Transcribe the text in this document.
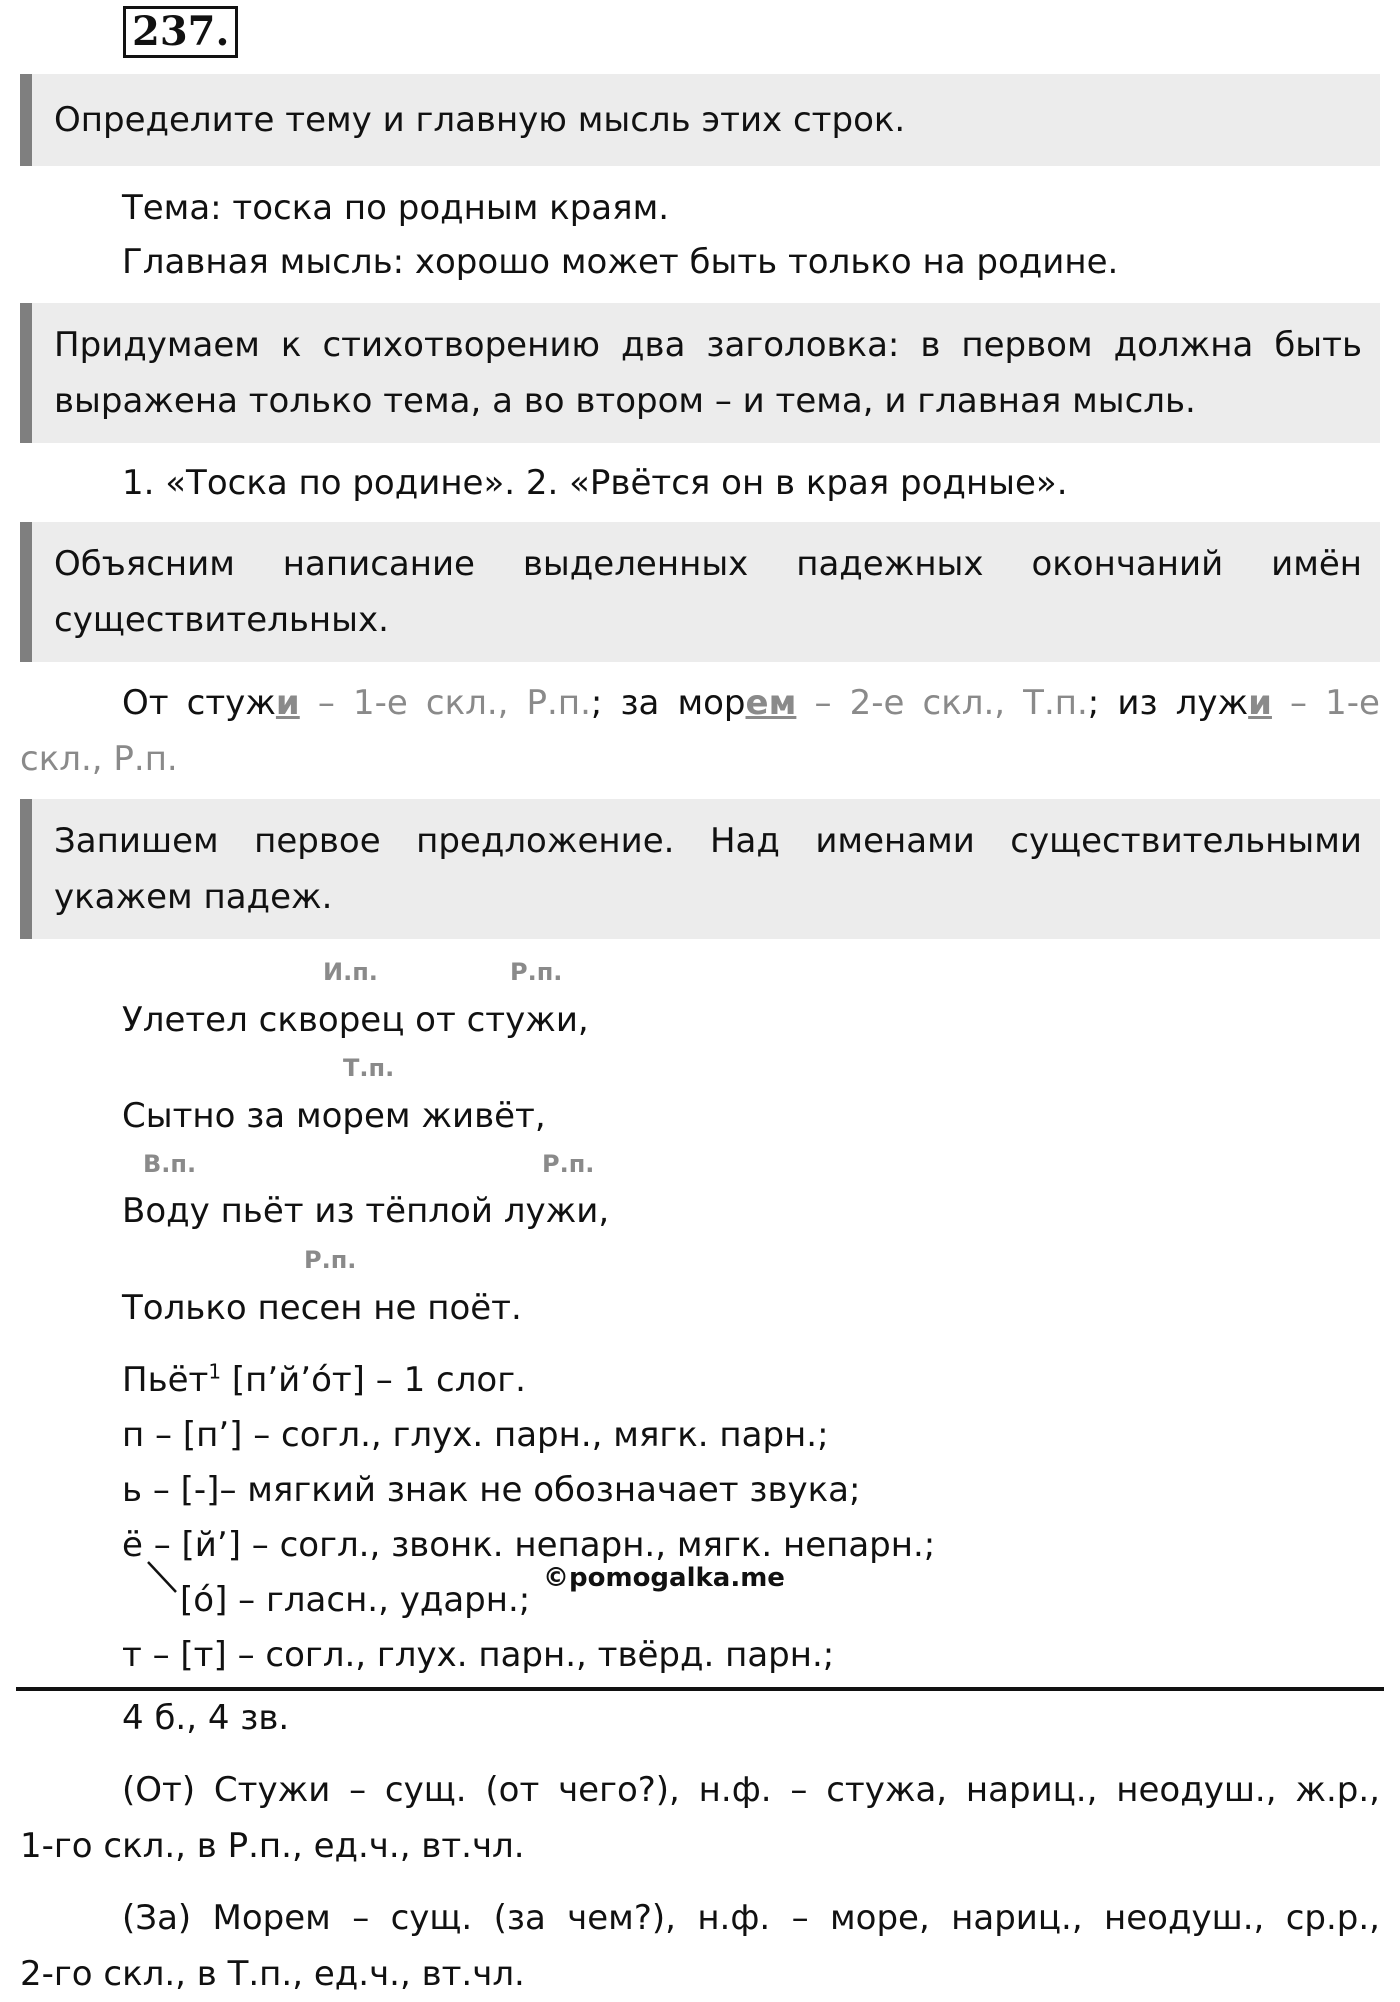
237.
Определите тему и главную мысль этих строк.
Тема: тоска по родным краям.
Главная мысль: хорошо может быть только на родине.
Придумаем к стихотворению два заголовка: в первом должна быть
выражена только тема, а во втором – и тема, и главная мысль.
1. «Тоска по родине». 2. «Рвётся он в края родные».
Объясним написание выделенных падежных окончаний имён
существительных.
От стужи – 1-е скл., Р.п.; за морем – 2-е скл., Т.п.; из лужи – 1-е
скл., Р.п.
Запишем первое предложение. Над именами существительными
укажем падеж.
И.п.	Р.п.
Улетел скворец от стужи,
Т.п.
Сытно за морем живёт,
В.п.	Р.п.
Воду пьёт из тёплой лужи,
Р.п.
Только песен не поёт.
Пьёт$^1$ [п’й’о́т] – 1 слог.
п – [п’] – согл., глух. парн., мягк. парн.;
ь – [-]– мягкий знак не обозначает звука;
ё – [й’] – согл., звонк. непарн., мягк. непарн.;
[о́] – гласн., ударн.;
©pomogalka.me
т – [т] – согл., глух. парн., твёрд. парн.;
4 б., 4 зв.
(От) Стужи – сущ. (от чего?), н.ф. – стужа, нариц., неодуш., ж.р.,
1-го скл., в Р.п., ед.ч., вт.чл.
(За) Морем – сущ. (за чем?), н.ф. – море, нариц., неодуш., ср.р.,
2-го скл., в Т.п., ед.ч., вт.чл.
